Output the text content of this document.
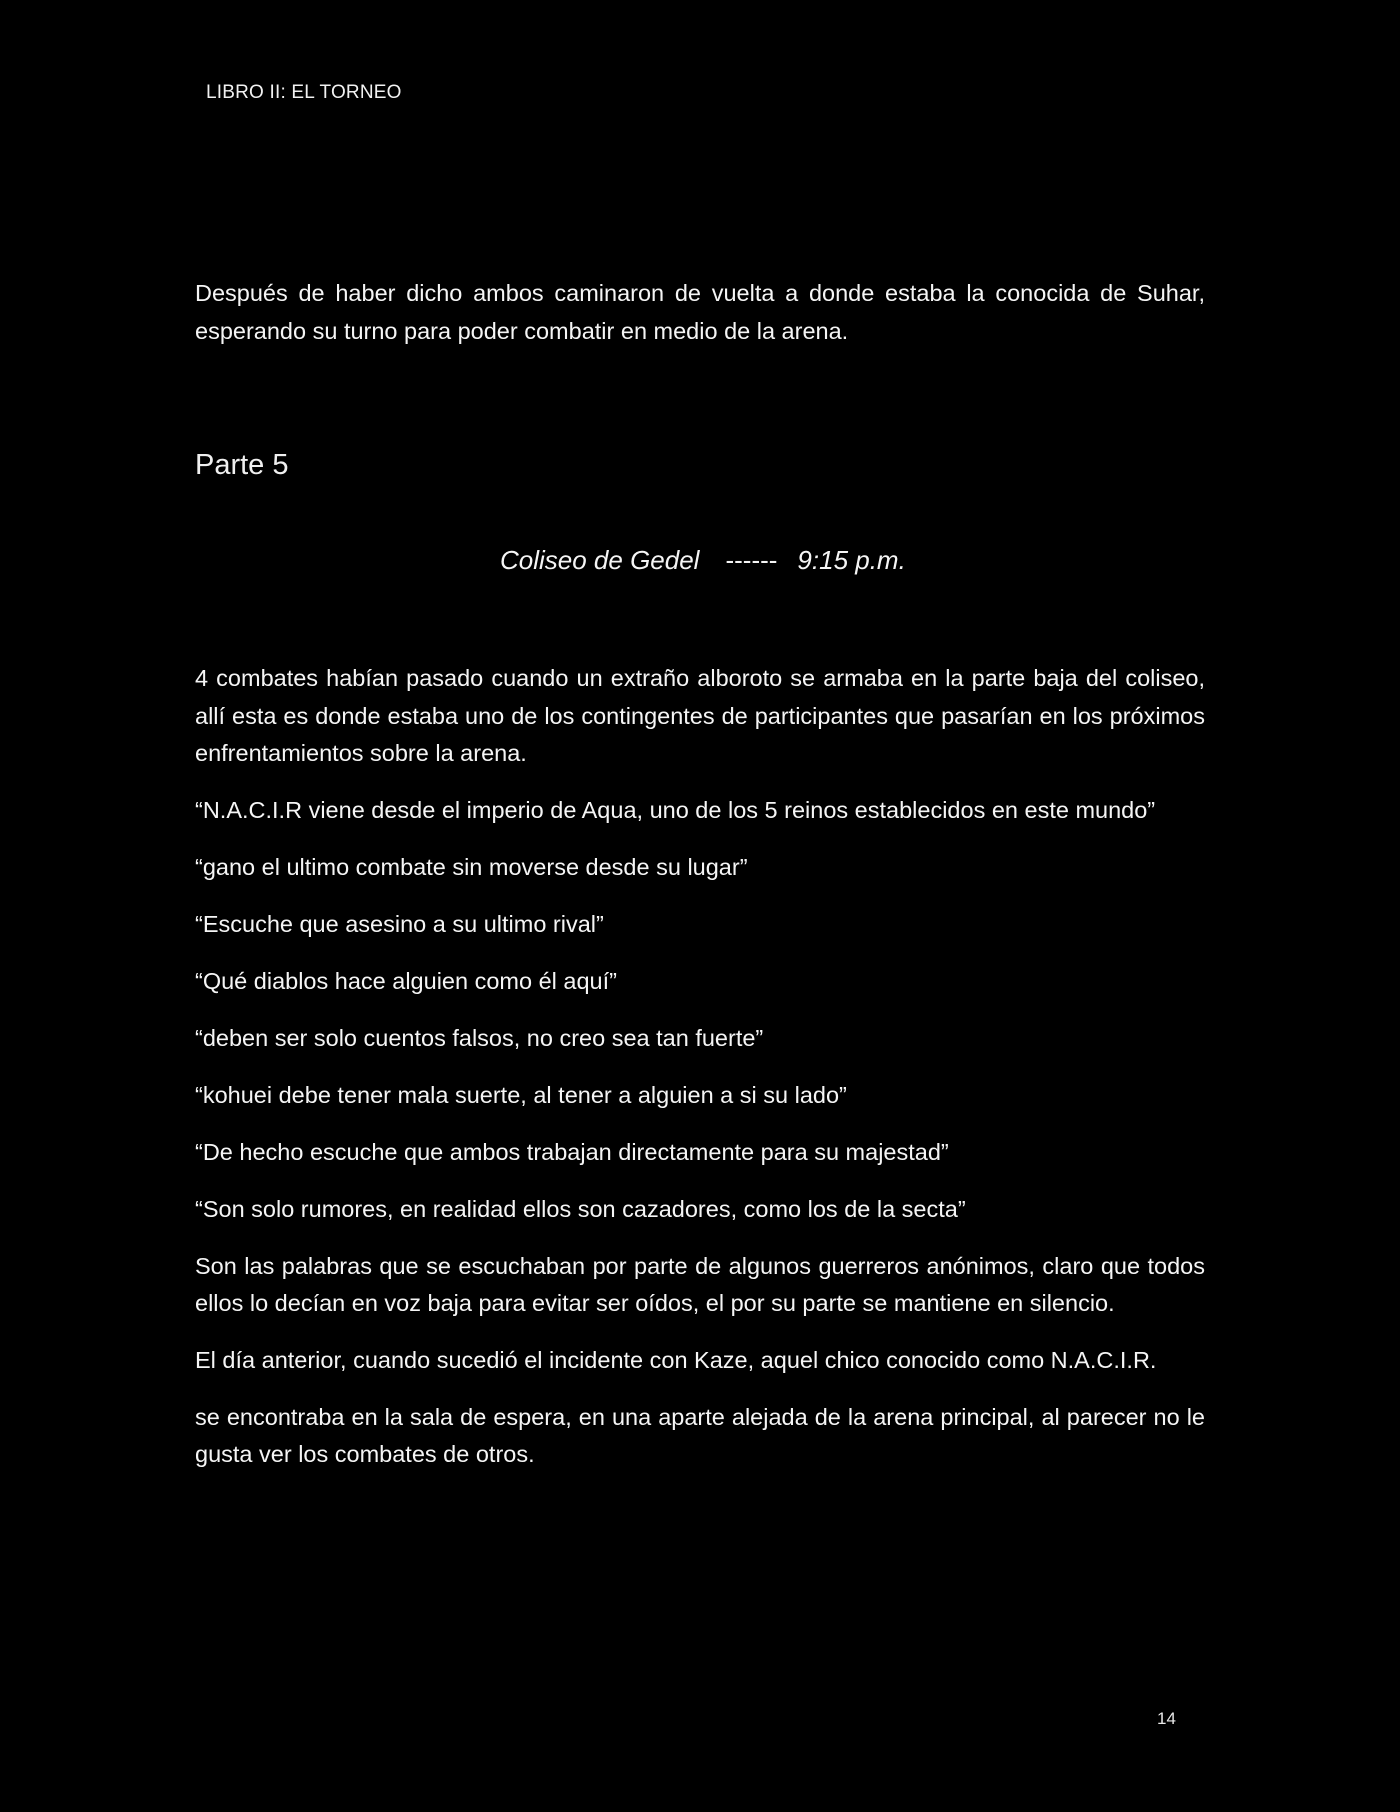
LIBRO II: EL TORNEO

Después de haber dicho ambos caminaron de vuelta a donde estaba la conocida de Suhar, esperando su turno para poder combatir en medio de la arena.

Parte 5
Coliseo de Gedel ------ 9:15 p.m.

4 combates habían pasado cuando un extraño alboroto se armaba en la parte baja del coliseo, allí esta es donde estaba uno de los contingentes de participantes que pasarían en los próximos enfrentamientos sobre la arena.

“N.A.C.I.R viene desde el imperio de Aqua, uno de los 5 reinos establecidos en este mundo”

“gano el ultimo combate sin moverse desde su lugar”

“Escuche que asesino a su ultimo rival”

“Qué diablos hace alguien como él aquí”

“deben ser solo cuentos falsos, no creo sea tan fuerte”

“kohuei debe tener mala suerte, al tener a alguien a si su lado”

“De hecho escuche que ambos trabajan directamente para su majestad”

“Son solo rumores, en realidad ellos son cazadores, como los de la secta”

Son las palabras que se escuchaban por parte de algunos guerreros anónimos, claro que todos ellos lo decían en voz baja para evitar ser oídos, el por su parte se mantiene en silencio.

El día anterior, cuando sucedió el incidente con Kaze, aquel chico conocido como N.A.C.I.R.

se encontraba en la sala de espera, en una aparte alejada de la arena principal, al parecer no le gusta ver los combates de otros.

14
